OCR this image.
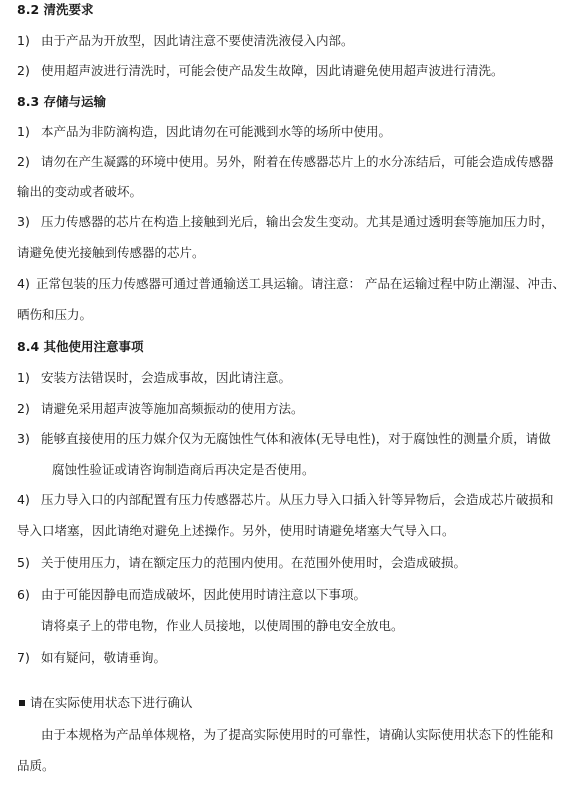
8.2 清洗要求
1) 由于产品为开放型，因此请注意不要使清洗液侵入内部。
2) 使用超声波进行清洗时，可能会使产品发生故障，因此请避免使用超声波进行清洗。
8.3 存储与运输
1) 本产品为非防滴构造，因此请勿在可能溅到水等的场所中使用。
2) 请勿在产生凝露的环境中使用。另外，附着在传感器芯片上的水分冻结后，可能会造成传感器
输出的变动或者破坏。
3) 压力传感器的芯片在构造上接触到光后，输出会发生变动。尤其是通过透明套等施加压力时，
请避免使光接触到传感器的芯片。
4) 正常包装的压力传感器可通过普通输送工具运输。请注意： 产品在运输过程中防止潮湿、冲击、
晒伤和压力。
8.4 其他使用注意事项
1) 安装方法错误时，会造成事故，因此请注意。
2) 请避免采用超声波等施加高频振动的使用方法。
3) 能够直接使用的压力媒介仅为无腐蚀性气体和液体(无导电性)，对于腐蚀性的测量介质，请做
腐蚀性验证或请咨询制造商后再决定是否使用。
4) 压力导入口的内部配置有压力传感器芯片。从压力导入口插入针等异物后，会造成芯片破损和
导入口堵塞，因此请绝对避免上述操作。另外，使用时请避免堵塞大气导入口。
5) 关于使用压力，请在额定压力的范围内使用。在范围外使用时，会造成破损。
6) 由于可能因静电而造成破坏，因此使用时请注意以下事项。
请将桌子上的带电物，作业人员接地，以使周围的静电安全放电。
7) 如有疑问，敬请垂询。
请在实际使用状态下进行确认
由于本规格为产品单体规格，为了提高实际使用时的可靠性，请确认实际使用状态下的性能和
品质。
